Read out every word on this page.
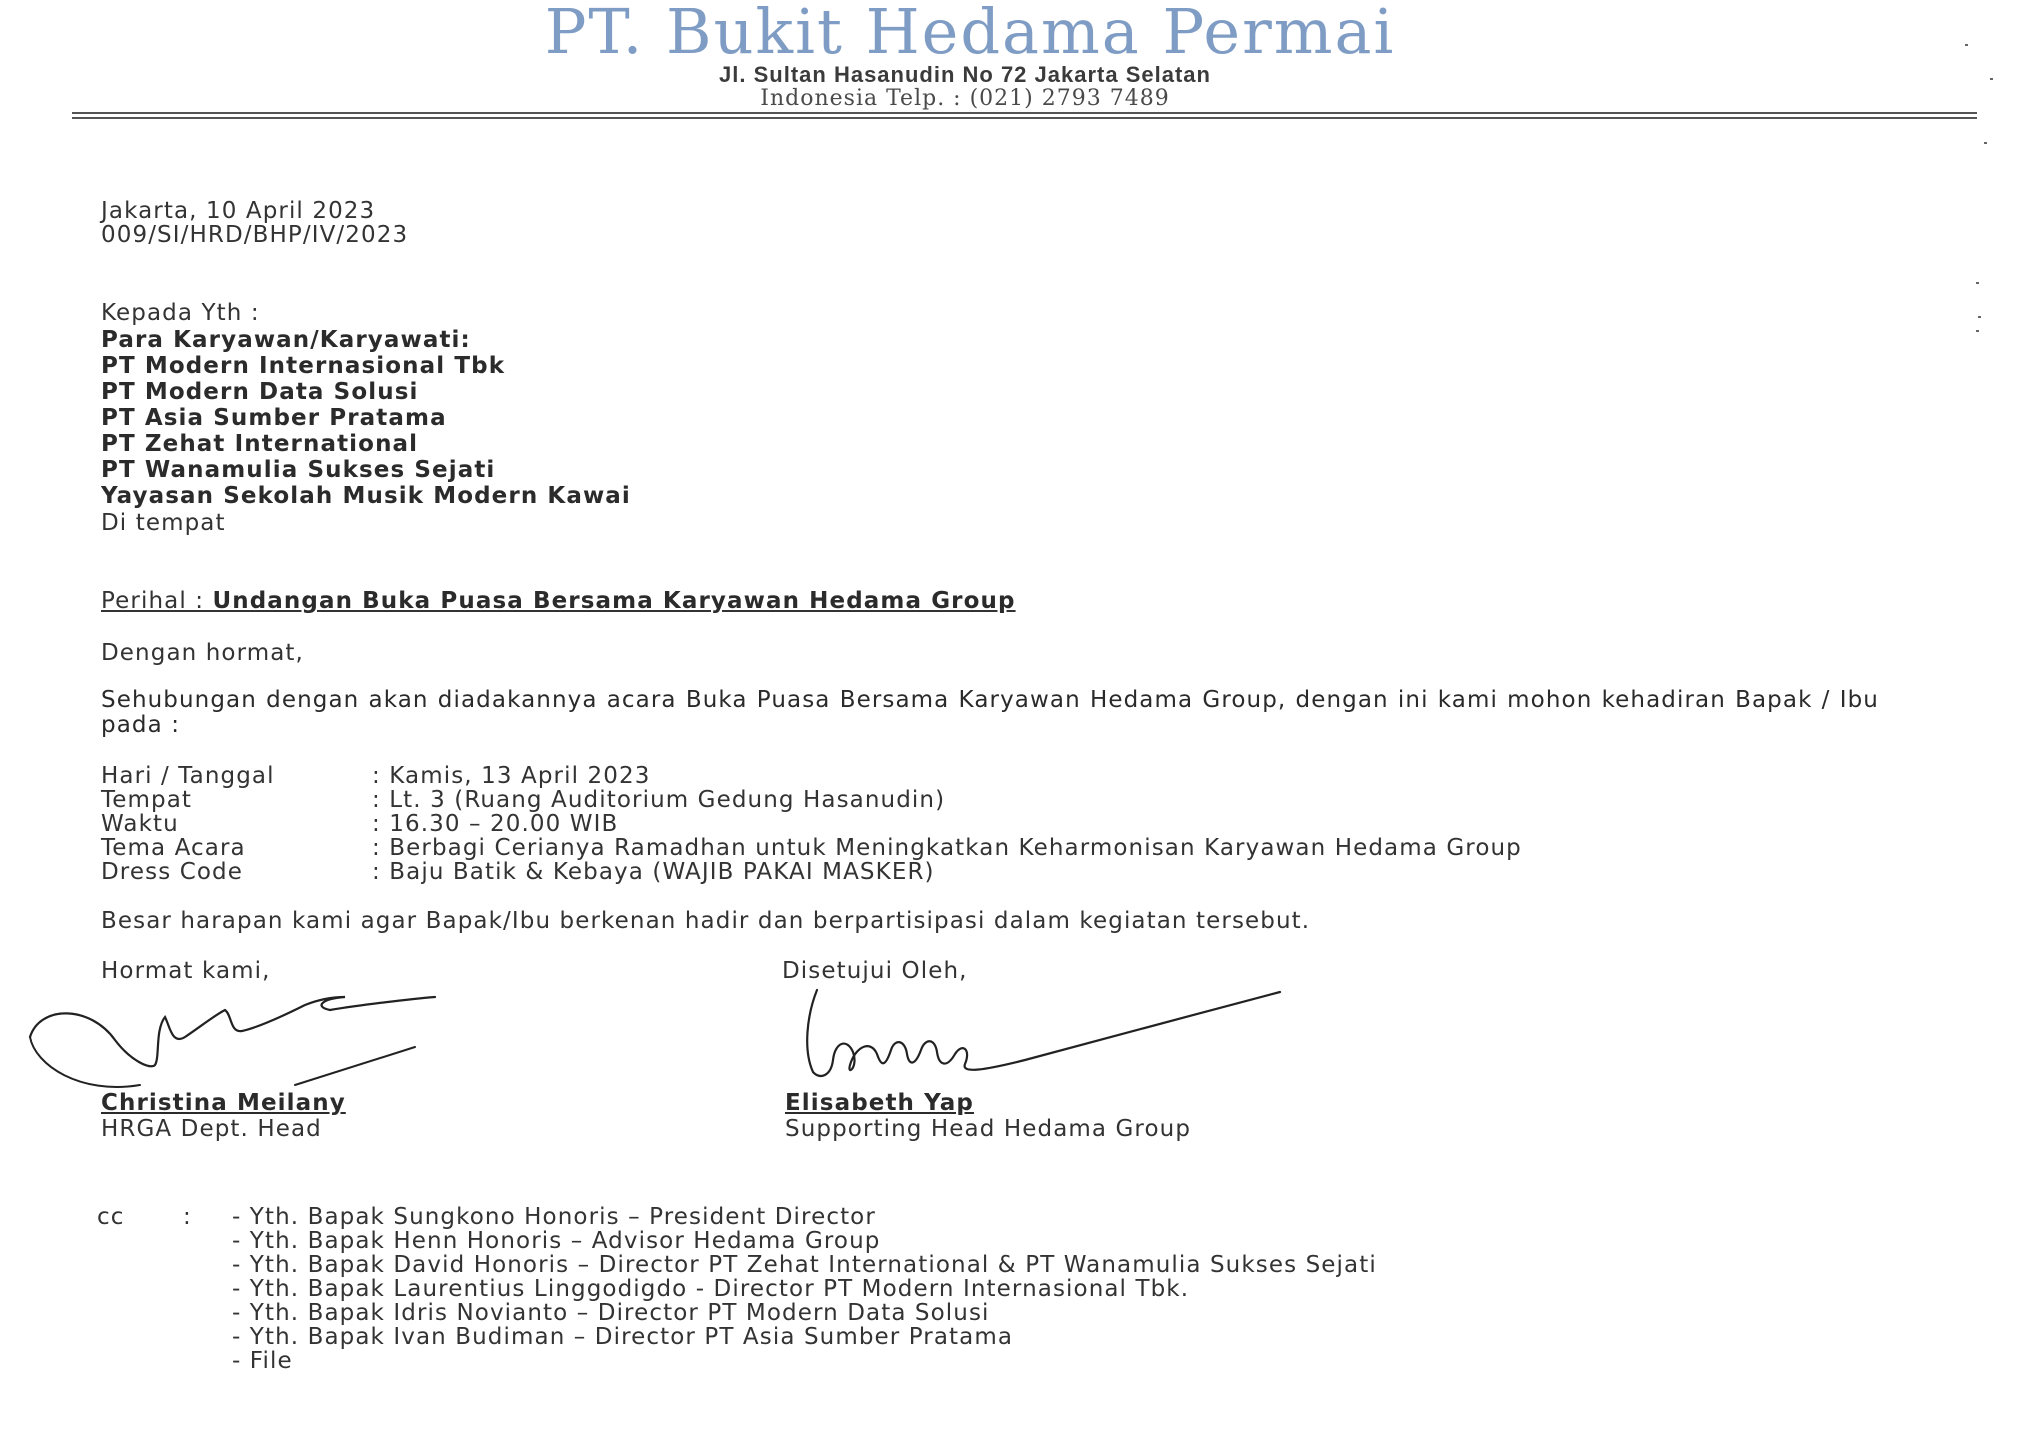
PT. Bukit Hedama Permai
Jl. Sultan Hasanudin No 72 Jakarta Selatan
Indonesia Telp. : (021) 2793 7489
Jakarta, 10 April 2023
009/SI/HRD/BHP/IV/2023
Kepada Yth :
Para Karyawan/Karyawati:
PT Modern Internasional Tbk
PT Modern Data Solusi
PT Asia Sumber Pratama
PT Zehat International
PT Wanamulia Sukses Sejati
Yayasan Sekolah Musik Modern Kawai
Di tempat
Perihal : Undangan Buka Puasa Bersama Karyawan Hedama Group
Dengan hormat,
Sehubungan dengan akan diadakannya acara Buka Puasa Bersama Karyawan Hedama Group, dengan ini kami mohon kehadiran Bapak / Ibu pada :
Hari / Tanggal	: Kamis, 13 April 2023
Tempat	: Lt. 3 (Ruang Auditorium Gedung Hasanudin)
Waktu	: 16.30 – 20.00 WIB
Tema Acara	: Berbagi Cerianya Ramadhan untuk Meningkatkan Keharmonisan Karyawan Hedama Group
Dress Code	: Baju Batik & Kebaya (WAJIB PAKAI MASKER)
Besar harapan kami agar Bapak/Ibu berkenan hadir dan berpartisipasi dalam kegiatan tersebut.
Hormat kami,	Disetujui Oleh,
Christina Meilany
HRGA Dept. Head
Elisabeth Yap
Supporting Head Hedama Group
cc	: - Yth. Bapak Sungkono Honoris – President Director
- Yth. Bapak Henn Honoris – Advisor Hedama Group
- Yth. Bapak David Honoris – Director PT Zehat International & PT Wanamulia Sukses Sejati
- Yth. Bapak Laurentius Linggodigdo - Director PT Modern Internasional Tbk.
- Yth. Bapak Idris Novianto – Director PT Modern Data Solusi
- Yth. Bapak Ivan Budiman – Director PT Asia Sumber Pratama
- File
